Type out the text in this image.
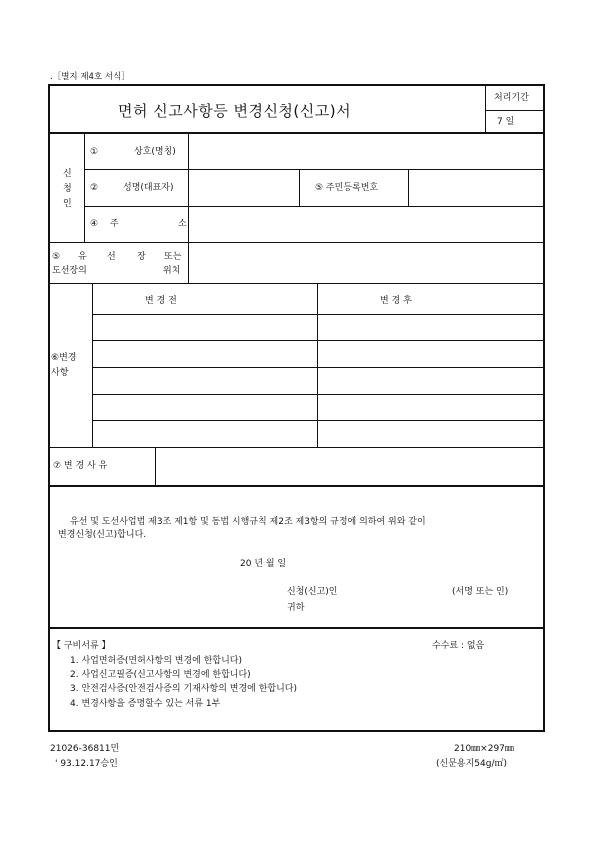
.［별지 제4호 서식］
면허 신고사항등 변경신청(신고)서
처리기간
7 일
신
청
인
①	상호(명칭)
②	성명(대표자)	⑤ 주민등록번호
④ 주	소
⑤ 유 선 장 또는
도선장의	위치
⑥변경
사항
변 경 전	변 경 후
⑦ 변 경 사 유
유선 및 도선사업법 제3조 제1항 및 동법 시행규칙 제2조 제3항의 규정에 의하여 위와 같이
변경신청(신고)합니다.
20 년 월 일
신청(신고)인	(서명 또는 인)
귀하
【 구비서류 】	수수료 : 없음
1. 사업면허증(면허사항의 변경에 한합니다)
2. 사업신고필증(신고사항의 변경에 한합니다)
3. 안전검사증(안전검사증의 기재사항의 변경에 한합니다)
4. 변경사항을 증명할수 있는 서류 1부
21026-36811민
' 93.12.17승인
210㎜×297㎜
(신문용지54g/㎡)
